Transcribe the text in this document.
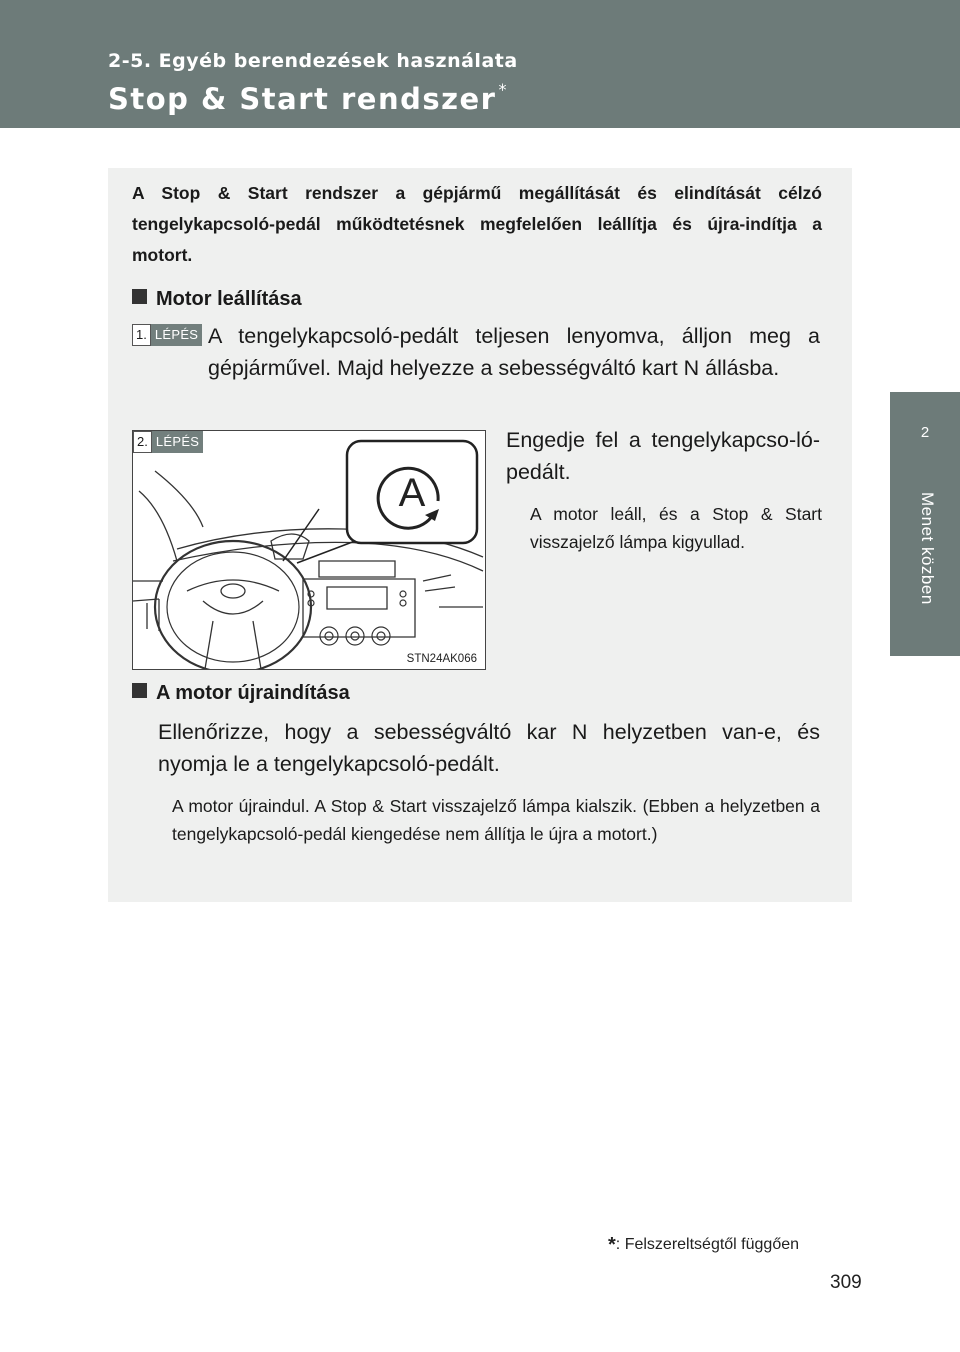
2-5. Egyéb berendezések használata
Stop & Start rendszer *
2
Menet közben
A Stop & Start rendszer a gépjármű megállítását és elindítását célzó tengelykapcsoló-pedál működtetésnek megfelelően leállítja és újra-indítja a motort.
Motor leállítása
1. LÉPÉS A tengelykapcsoló-pedált teljesen lenyomva, álljon meg a gépjárművel. Majd helyezze a sebességváltó kart N állásba.
A
2. LÉPÉS
STN24AK066
Engedje fel a tengelykapcso-ló-pedált.
A motor leáll, és a Stop & Start visszajelző lámpa kigyullad.
A motor újraindítása
Ellenőrizze, hogy a sebességváltó kar N helyzetben van-e, és nyomja le a tengelykapcsoló-pedált.
A motor újraindul. A Stop & Start visszajelző lámpa kialszik. (Ebben a helyzetben a tengelykapcsoló-pedál kiengedése nem állítja le újra a motort.)
*: Felszereltségtől függően
309
